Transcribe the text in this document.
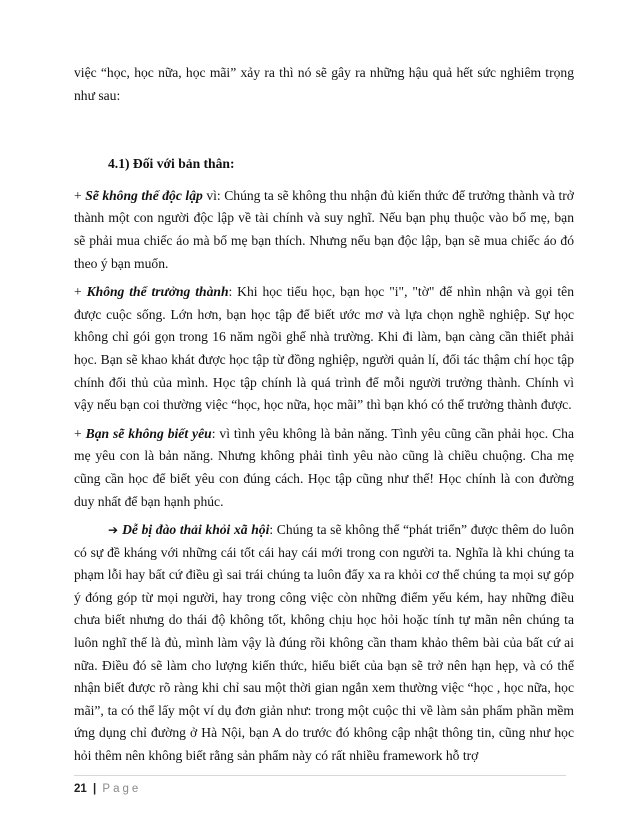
việc “học, học nữa, học mãi” xảy ra thì nó sẽ gây ra những hậu quả hết sức nghiêm trọng như sau:

4.1) Đối với bản thân:

+ Sẽ không thể độc lập vì: Chúng ta sẽ không thu nhận đủ kiến thức để trưởng thành và trở thành một con người độc lập về tài chính và suy nghĩ. Nếu bạn phụ thuộc vào bố mẹ, bạn sẽ phải mua chiếc áo mà bố mẹ bạn thích. Nhưng nếu bạn độc lập, bạn sẽ mua chiếc áo đó theo ý bạn muốn.

+ Không thể trưởng thành: Khi học tiểu học, bạn học "i", "tờ" để nhìn nhận và gọi tên được cuộc sống. Lớn hơn, bạn học tập để biết ước mơ và lựa chọn nghề nghiệp. Sự học không chỉ gói gọn trong 16 năm ngồi ghế nhà trường. Khi đi làm, bạn càng cần thiết phải học. Bạn sẽ khao khát được học tập từ đồng nghiệp, người quản lí, đối tác thậm chí học tập chính đối thủ của mình. Học tập chính là quá trình để mỗi người trưởng thành. Chính vì vậy nếu bạn coi thường việc “học, học nữa, học mãi” thì bạn khó có thể trưởng thành được.

+ Bạn sẽ không biết yêu: vì tình yêu không là bản năng. Tình yêu cũng cần phải học. Cha mẹ yêu con là bản năng. Nhưng không phải tình yêu nào cũng là chiều chuộng. Cha mẹ cũng cần học để biết yêu con đúng cách. Học tập cũng như thế! Học chính là con đường duy nhất để bạn hạnh phúc.

➔ Dễ bị đào thải khỏi xã hội: Chúng ta sẽ không thể “phát triển” được thêm do luôn có sự đề kháng với những cái tốt cái hay cái mới trong con người ta. Nghĩa là khi chúng ta phạm lỗi hay bất cứ điều gì sai trái chúng ta luôn đẩy xa ra khỏi cơ thể chúng ta mọi sự góp ý đóng góp từ mọi người, hay trong công việc còn những điểm yếu kém, hay những điều chưa biết nhưng do thái độ không tốt, không chịu học hỏi hoặc tính tự mãn nên chúng ta luôn nghĩ thế là đủ, mình làm vậy là đúng rồi không cần tham khảo thêm bài của bất cứ ai nữa. Điều đó sẽ làm cho lượng kiến thức, hiểu biết của bạn sẽ trở nên hạn hẹp, và có thể nhận biết được rõ ràng khi chỉ sau một thời gian ngắn xem thường việc “học , học nữa, học mãi”, ta có thể lấy một ví dụ đơn giản như: trong một cuộc thi về làm sản phẩm phần mềm ứng dụng chỉ đường ở Hà Nội, bạn A do trước đó không cập nhật thông tin, cũng như học hỏi thêm nên không biết rằng sản phẩm này có rất nhiều framework hỗ trợ

21 | Page
